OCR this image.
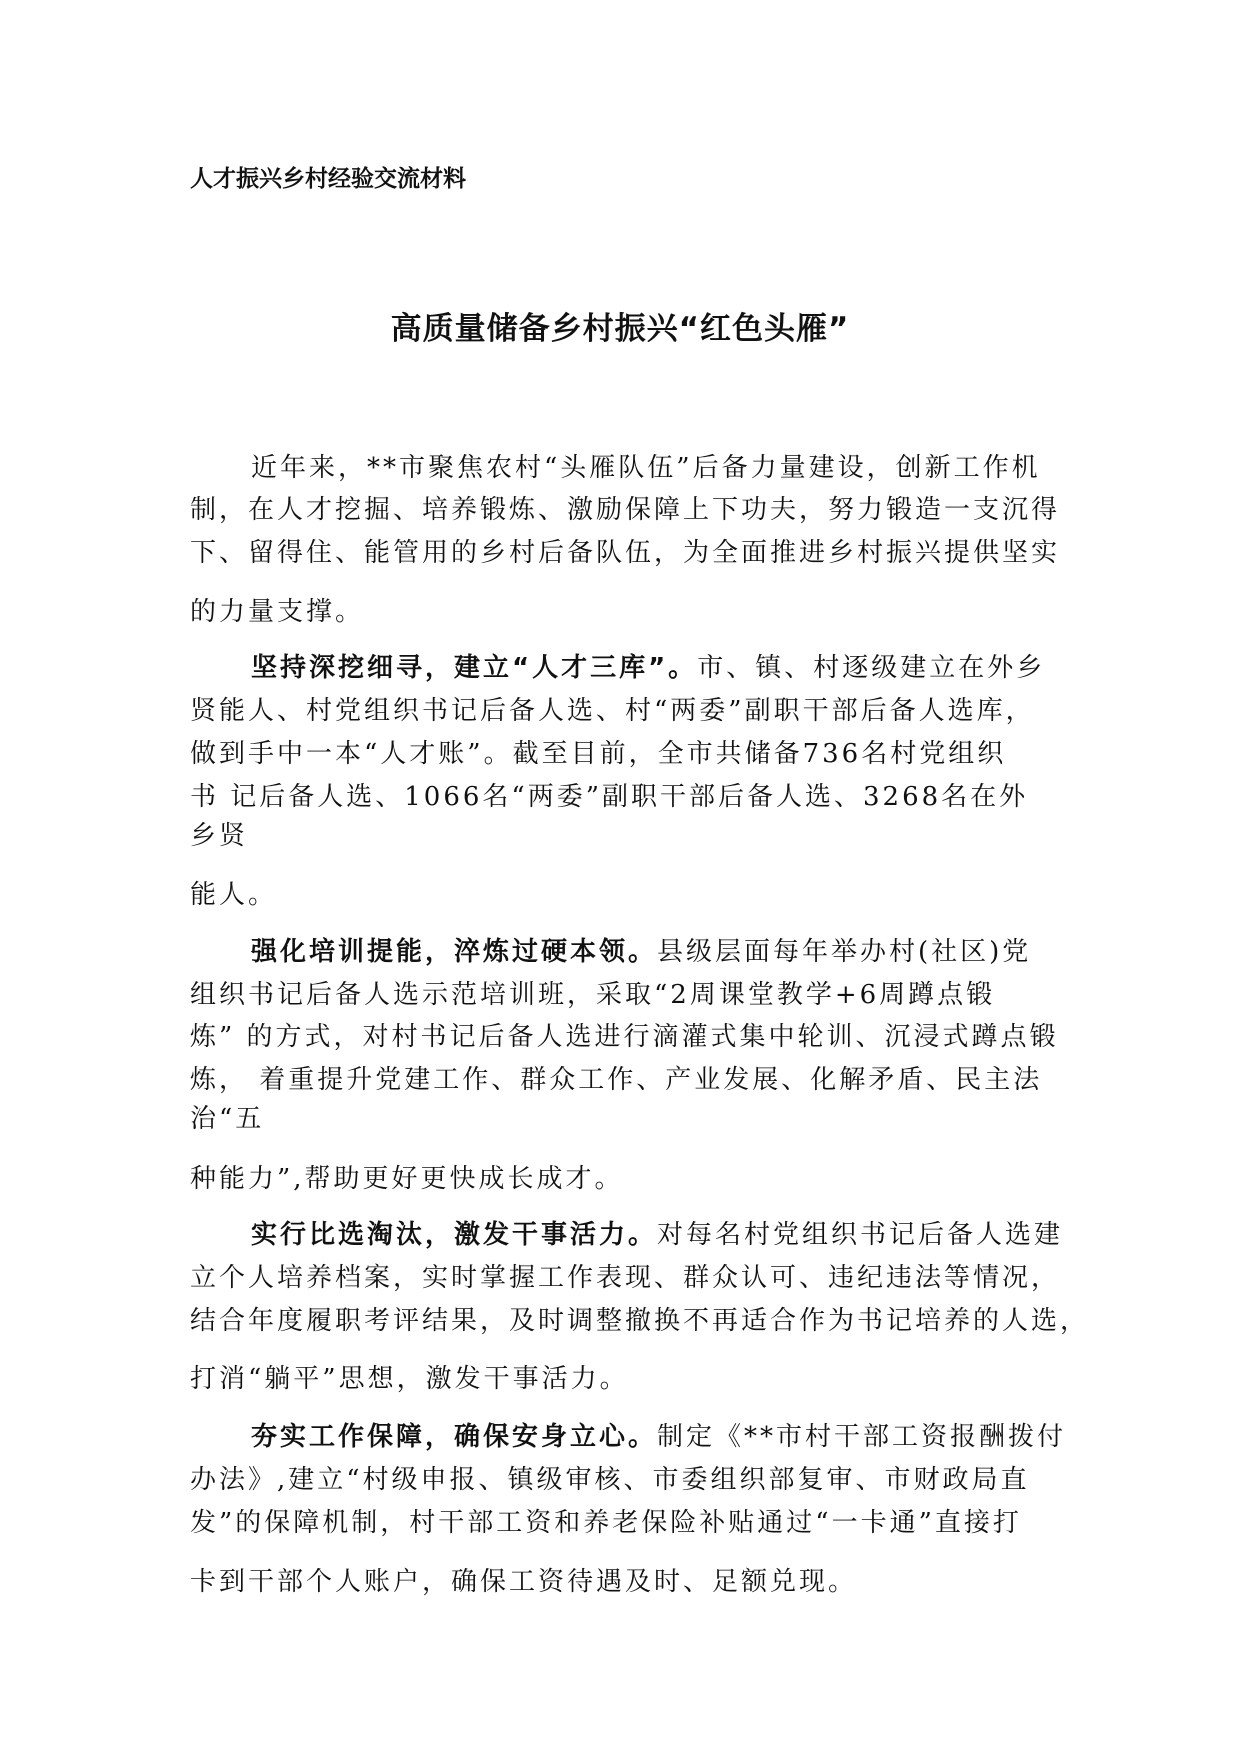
人才振兴乡村经验交流材料
高质量储备乡村振兴“红色头雁”

近年来，**市聚焦农村“头雁队伍”后备力量建设，创新工作机

制，在人才挖掘、培养锻炼、激励保障上下功夫，努力锻造一支沉得

下、留得住、能管用的乡村后备队伍，为全面推进乡村振兴提供坚实

的力量支撑。

坚持深挖细寻，建立“人才三库”。市、镇、村逐级建立在外乡

贤能人、村党组织书记后备人选、村“两委”副职干部后备人选库，

做到手中一本“人才账”。截至目前，全市共储备736名村党组织

书 记后备人选、1066名“两委”副职干部后备人选、3268名在外

乡贤

能人。

强化培训提能，淬炼过硬本领。县级层面每年举办村(社区)党

组织书记后备人选示范培训班，采取“2周课堂教学+6周蹲点锻

炼” 的方式，对村书记后备人选进行滴灌式集中轮训、沉浸式蹲点锻

炼， 着重提升党建工作、群众工作、产业发展、化解矛盾、民主法

治“五

种能力”,帮助更好更快成长成才。

实行比选淘汰，激发干事活力。对每名村党组织书记后备人选建

立个人培养档案，实时掌握工作表现、群众认可、违纪违法等情况，

结合年度履职考评结果，及时调整撤换不再适合作为书记培养的人选，

打消“躺平”思想，激发干事活力。

夯实工作保障，确保安身立心。制定《**市村干部工资报酬拨付

办法》,建立“村级申报、镇级审核、市委组织部复审、市财政局直

发”的保障机制，村干部工资和养老保险补贴通过“一卡通”直接打

卡到干部个人账户，确保工资待遇及时、足额兑现。
